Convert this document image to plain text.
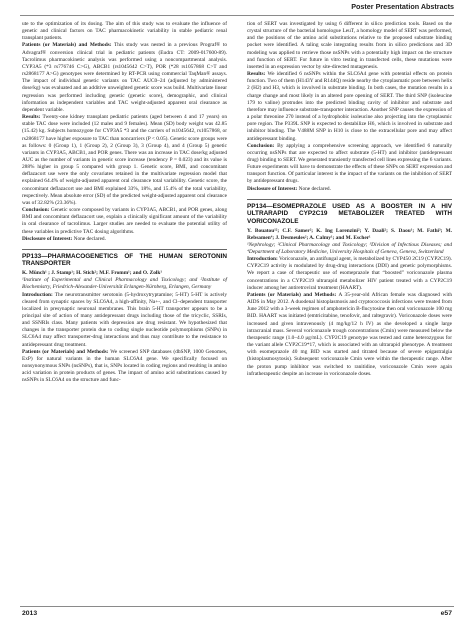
Poster Presentation Abstracts

ute to the optimization of its dosing. The aim of this study was to evaluate the influence of genetic and clinical factors on TAC pharmacokinetic variability in stable pediatric renal transplant patients.

Patients (or Materials) and Methods: This study was nested in a previous Prograf® to Advagraf® conversion clinical trial in pediatric patients (Eudra CT: 2009-017600-89). Tacrolimus pharmacokinetic analysis was performed using a noncompartmental analysis. CYP3A5 (*3 rs776746 C>G), ABCB1 (rs1045642 C>T), POR (*28 rs1057868 C>T and rs2868177 A>G) genotypes were determined by RT-PCR using commercial TaqMan® assays. The impact of individual genetic variants on TAC AUC0–24 (adjusted by administered dose/kg) was evaluated and an additive unweighted genetic score was build. Multivariate linear regression was performed including genetic (genetic score), demographic, and clinical information as independent variables and TAC weight-adjusted apparent oral clearance as dependent variable.

Results: Twenty-one kidney transplant pediatric patients (aged between 4 and 17 years) on stable TAC dose were included (12 males and 9 females). Mean (SD) body weight was 42.85 (15.42) kg. Subjects homozygote for CYP3A5 *3 and the carriers of rs1045642, rs1057868, or rs2868177 have higher exposure to TAC than noncarriers (P < 0.05). Genetic score groups were as follows: 0 (Group 1), 1 (Group 2), 2 (Group 3), 3 (Group 4), and 4 (Group 5) genetic variants in CYP3A5, ABCB1, and POR genes. There was an increase in TAC dose/kg adjusted AUC as the number of variants in genetic score increase (tendency P = 0.023) and its value is 288% higher in group 5 compared with group 1. Genetic score, BMI, and concomitant deflazacort use were the only covariates retained in the multivariate regression model that explained 64.4% of weight-adjusted apparent oral clearance total variability. Genetic score, the concomitant deflazacort use and BMI explained 33%, 18%, and 15.4% of the total variability, respectively. Mean absolute error (SD) of the predicted weight-adjusted apparent oral clearance was of 32.82% (23.36%).

Conclusion: Genetic score composed by variants in CYP3A5, ABCB1, and POR genes, along BMI and concomitant deflazacort use, explain a clinically significant amount of the variability in oral clearance of tacrolimus. Larger studies are needed to evaluate the potential utility of these variables in predictive TAC dosing algorithms.

Disclosure of Interest: None declared.

PP133—PHARMACOGENETICS OF THE HUMAN SEROTONIN TRANSPORTER

K. Münch¹ ; J. Stamp¹; H. Stich²; M.F. Fromm¹; and O. Zolk¹

¹Institute of Experimental and Clinical Pharmacology and Toxicology; and ²Institute of Biochemistry, Friedrich-Alexander-Universität Erlangen-Nürnberg, Erlangen, Germany

Introduction: The neurotransmitter serotonin (5-hydroxytryptamine; 5-HT) 5-HT is actively cleared from synaptic spaces by SLC6A4, a high-affinity, Na+-, and Cl–dependent transporter localized in presynaptic neuronal membranes. This brain 5-HT transporter appears to be a principal site of action of many antidepressant drugs including those of the tricyclic, SSRIs, and SSNRIs class. Many patients with depression are drug resistant. We hypothesized that changes in the transporter protein due to coding single nucleotide polymorphisms (SNPs) in SLC6A4 may affect transporter-drug interactions and thus may contribute to the resistance to antidepressant drug treatment.

Patients (or Materials) and Methods: We screened SNP databases (dbSNP, 1000 Genomes, ExP) for natural variants in the human SLC6A4 gene. We specifically focused on nonsynonymous SNPs (nsSNPs), that is, SNPs located in coding regions and resulting in amino acid variation in protein products of genes. The impact of amino acid substitutions caused by nsSNPs in SLC6A4 on the structure and func-

tion of SERT was investigated by using 6 different in silico prediction tools. Based on the crystal structure of the bacterial homologue LeuT, a homology model of SERT was performed, and the positions of the amino acid substitutions relative to the proposed substrate binding pocket were identified. A taling scale integrating results from in silico predictions and 3D modeling was applied to retrieve those nsSNPs with a potentially high impact on the structure and function of SERT. For future in vitro testing in transfected cells, these mutations were inserted in an expression vector by site-directed mutagenesis.

Results: We identified 6 nsSNPs within the SLC6A4 gene with potential effects on protein function. Two of them (H143Y and R144Q) reside nearby the cytoplasmatic pore between helix 2 (H2) and H3, which is involved in substrate binding. In both cases, the mutation results in a charge change and most likely in an altered pore opening of SERT. The third SNP (isoleucine 179 to valine) protrudes into the predicted binding cavity of inhibitor and substrate and therefore may influence substrate-transporter interaction. Another SNP causes the expression of a polar threonine 270 instead of a hydrophobic isoleucine also projecting into the cytoplasmic pore region. The P339L SNP is expected to destabilize H6, which is involved in substrate and inhibitor binding. The V488M SNP in H10 is close to the extracellular pore and may affect antidepressant binding.

Conclusion: By applying a comprehensive screening approach, we identified 6 naturally occurring nsSNPs that are expected to affect substrate (5-HT) and inhibitor (antidepressant drug) binding to SERT. We generated transiently transfected cell lines expressing the 6 variants. Future experiments will have to demonstrate the effects of these SNPs on SERT expression and transport function. Of particular interest is the impact of the variants on the inhibition of SERT by antidepressant drugs.

Disclosure of Interest: None declared.

PP134—ESOMEPRAZOLE USED AS A BOOSTER IN A HIV ULTRARAPID CYP2C19 METABOLIZER TREATED WITH VORICONAZOLE

Y. Bouatou¹²; C.F. Samer²; K. Ing Lorenzini²; Y. Daali²; S. Daou¹; M. Fathi³; M. Rebsamen⁴; J. Desmeules²; A. Calmy¹; and M. Escher¹

¹Nephrology; ²Clinical Pharmacology and Toxicology; ³Division of Infectious Diseases; and ⁴Department of Laboratory Medicine, University Hospitals of Geneva, Geneva, Switzerland

Introduction: Voriconazole, an antifungal agent, is metabolized by CYP450 2C19 (CYP2C19). CYP2C19 activity is modulated by drug-drug interactions (DDI) and genetic polymorphisms. We report a case of therapeutic use of esomeprazole that “boosted” voriconazole plasma concentrations in a CYP2C19 ultrarapid metabolizer HIV patient treated with a CYP2C19 inducer among her antiretroviral treatment (HAART).

Patients (or Materials) and Methods: A 35-year-old African female was diagnosed with AIDS in May 2012. A duodenal histoplasmosis and cryptococcosis infections were treated from June 2012 with a 3-week regimen of amphotericin B-flucytosine then oral voriconazole 100 mg BID. HAART was initiated (emtricitabine, tenofovir, and raltegravir). Voriconazole doses were increased and given intravenously (4 mg/kg/12 h IV) as she developed a single large intracranial mass. Several voriconazole trough concentrations (Cmin) were measured below the therapeutic range (1.0–4.0 μg/mL). CYP2C19 genotype was tested and came heterozygous for the variant allele CYP2C19*17, which is associated with an ultrarapid phenotype. A treatment with esomeprazole 40 mg BID was started and titrated because of severe epigastralgia (histoplasmosytosis). Subsequent voriconazole Cmin were within the therapeutic range. After the proton pump inhibitor was switched to ranitidine, voriconazole Cmin were again infratherapeutic despite an increase in voriconazole doses.

2013	e57
